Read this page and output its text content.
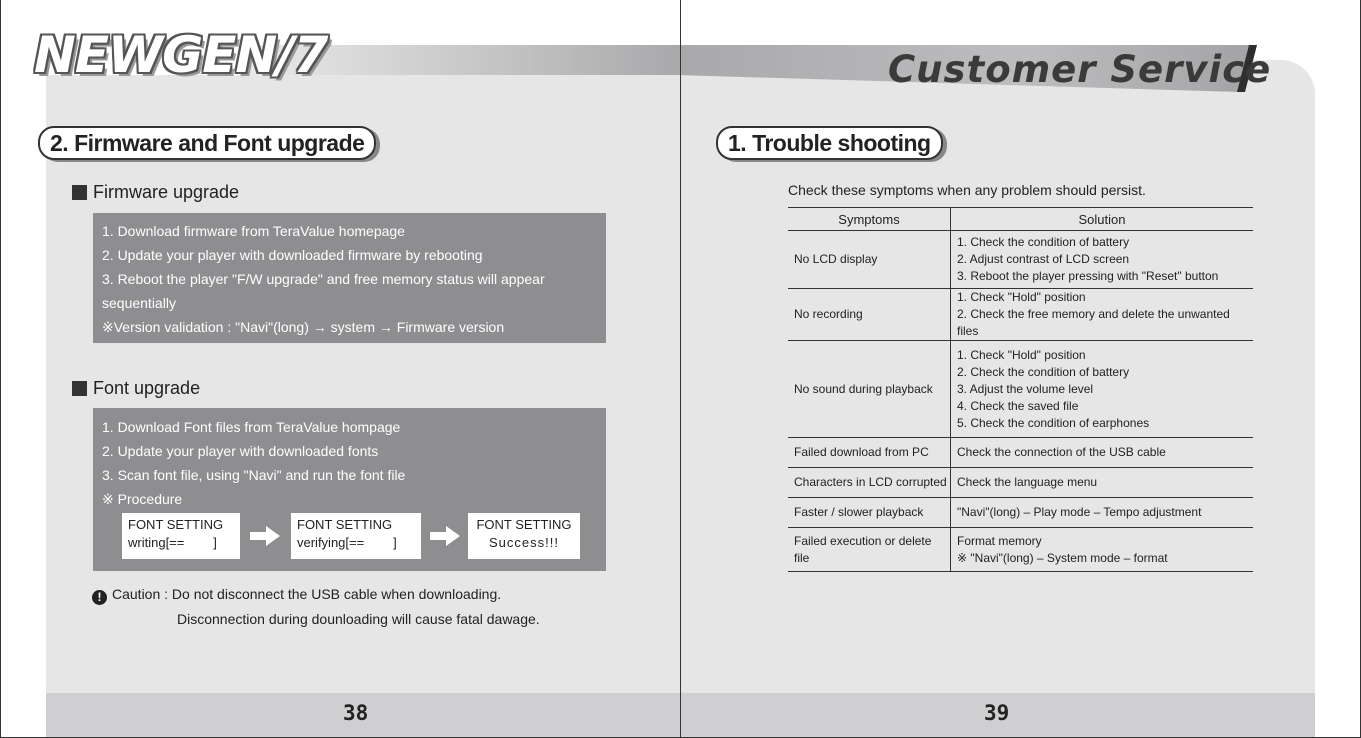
NEWGEN/7	Customer Service
2. Firmware and Font upgrade
Firmware upgrade
1. Download firmware from TeraValue homepage
2. Update your player with downloaded firmware by rebooting
3. Reboot the player "F/W upgrade" and free memory status will appear
sequentially
※Version validation : "Navi"(long) → system → Firmware version
Font upgrade
1. Download Font files from TeraValue hompage
2. Update your player with downloaded fonts
3. Scan font file, using "Navi" and run the font file
※ Procedure
FONT SETTING
writing[==        ]
FONT SETTING
verifying[==        ]
FONT SETTING
Success!!!
! Caution : Do not disconnect the USB cable when downloading.
Disconnection during dounloading will cause fatal dawage.
38
1. Trouble shooting
Check these symptoms when any problem should persist.
Symptoms	Solution
No LCD display	1. Check the condition of battery
2. Adjust contrast of LCD screen
3. Reboot the player pressing with "Reset" button

No recording	1. Check "Hold" position
2. Check the free memory and delete the unwanted files

No sound during playback	1. Check "Hold" position
2. Check the condition of battery
3. Adjust the volume level
4. Check the saved file
5. Check the condition of earphones

Failed download from PC	Check the connection of the USB cable

Characters in LCD corrupted	Check the language menu

Faster / slower playback	"Navi"(long) – Play mode – Tempo adjustment

Failed execution or delete file	Format memory
※ "Navi"(long) – System mode – format
39
